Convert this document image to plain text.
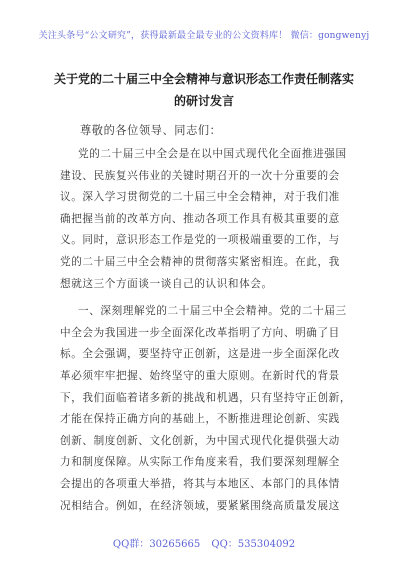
关注头条号“公文研究”，获得最新最全最专业的公文资料库！ 微信：gongwenyj
关于党的二十届三中全会精神与意识形态工作责任制落实
的研讨发言
尊敬的各位领导、同志们：
党的二十届三中全会是在以中国式现代化全面推进强国
建设、民族复兴伟业的关键时期召开的一次十分重要的会
议。深入学习贯彻党的二十届三中全会精神，对于我们准
确把握当前的改革方向、推动各项工作具有极其重要的意
义。同时，意识形态工作是党的一项极端重要的工作，与
党的二十届三中全会精神的贯彻落实紧密相连。在此，我
想就这三个方面谈一谈自己的认识和体会。
一、深刻理解党的二十届三中全会精神。党的二十届三
中全会为我国进一步全面深化改革指明了方向、明确了目
标。全会强调，要坚持守正创新，这是进一步全面深化改
革必须牢牢把握、始终坚守的重大原则。在新时代的背景
下，我们面临着诸多新的挑战和机遇，只有坚持守正创新，
才能在保持正确方向的基础上，不断推进理论创新、实践
创新、制度创新、文化创新，为中国式现代化提供强大动
力和制度保障。从实际工作角度来看，我们要深刻理解全
会提出的各项重大举措，将其与本地区、本部门的具体情
况相结合。例如，在经济领域，要紧紧围绕高质量发展这
QQ群：30265665 QQ：535304092
